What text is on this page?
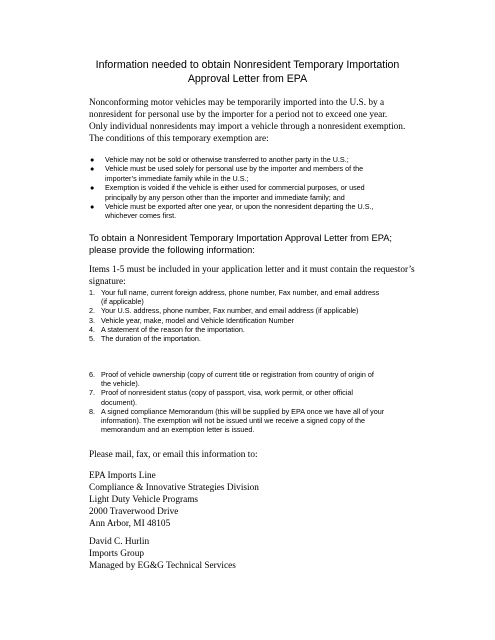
Information needed to obtain Nonresident Temporary Importation
Approval Letter from EPA
Nonconforming motor vehicles may be temporarily imported into the U.S. by a
nonresident for personal use by the importer for a period not to exceed one year.
Only individual nonresidents may import a vehicle through a nonresident exemption.
The conditions of this temporary exemption are:
● Vehicle may not be sold or otherwise transferred to another party in the U.S.;
● Vehicle must be used solely for personal use by the importer and members of the
importer’s immediate family while in the U.S.;
● Exemption is voided if the vehicle is either used for commercial purposes, or used
principally by any person other than the importer and immediate family; and
● Vehicle must be exported after one year, or upon the nonresident departing the U.S.,
whichever comes first.
To obtain a Nonresident Temporary Importation Approval Letter from EPA;
please provide the following information:
Items 1-5 must be included in your application letter and it must contain the requestor’s
signature:
1. Your full name, current foreign address, phone number, Fax number, and email address
(if applicable)
2. Your U.S. address, phone number, Fax number, and email address (if applicable)
3. Vehicle year, make, model and Vehicle Identification Number
4. A statement of the reason for the importation.
5. The duration of the importation.
6. Proof of vehicle ownership (copy of current title or registration from country of origin of
the vehicle).
7. Proof of nonresident status (copy of passport, visa, work permit, or other official
document).
8. A signed compliance Memorandum (this will be supplied by EPA once we have all of your
information). The exemption will not be issued until we receive a signed copy of the
memorandum and an exemption letter is issued.
Please mail, fax, or email this information to:
EPA Imports Line
Compliance & Innovative Strategies Division
Light Duty Vehicle Programs
2000 Traverwood Drive
Ann Arbor, MI 48105
David C. Hurlin
Imports Group
Managed by EG&G Technical Services
